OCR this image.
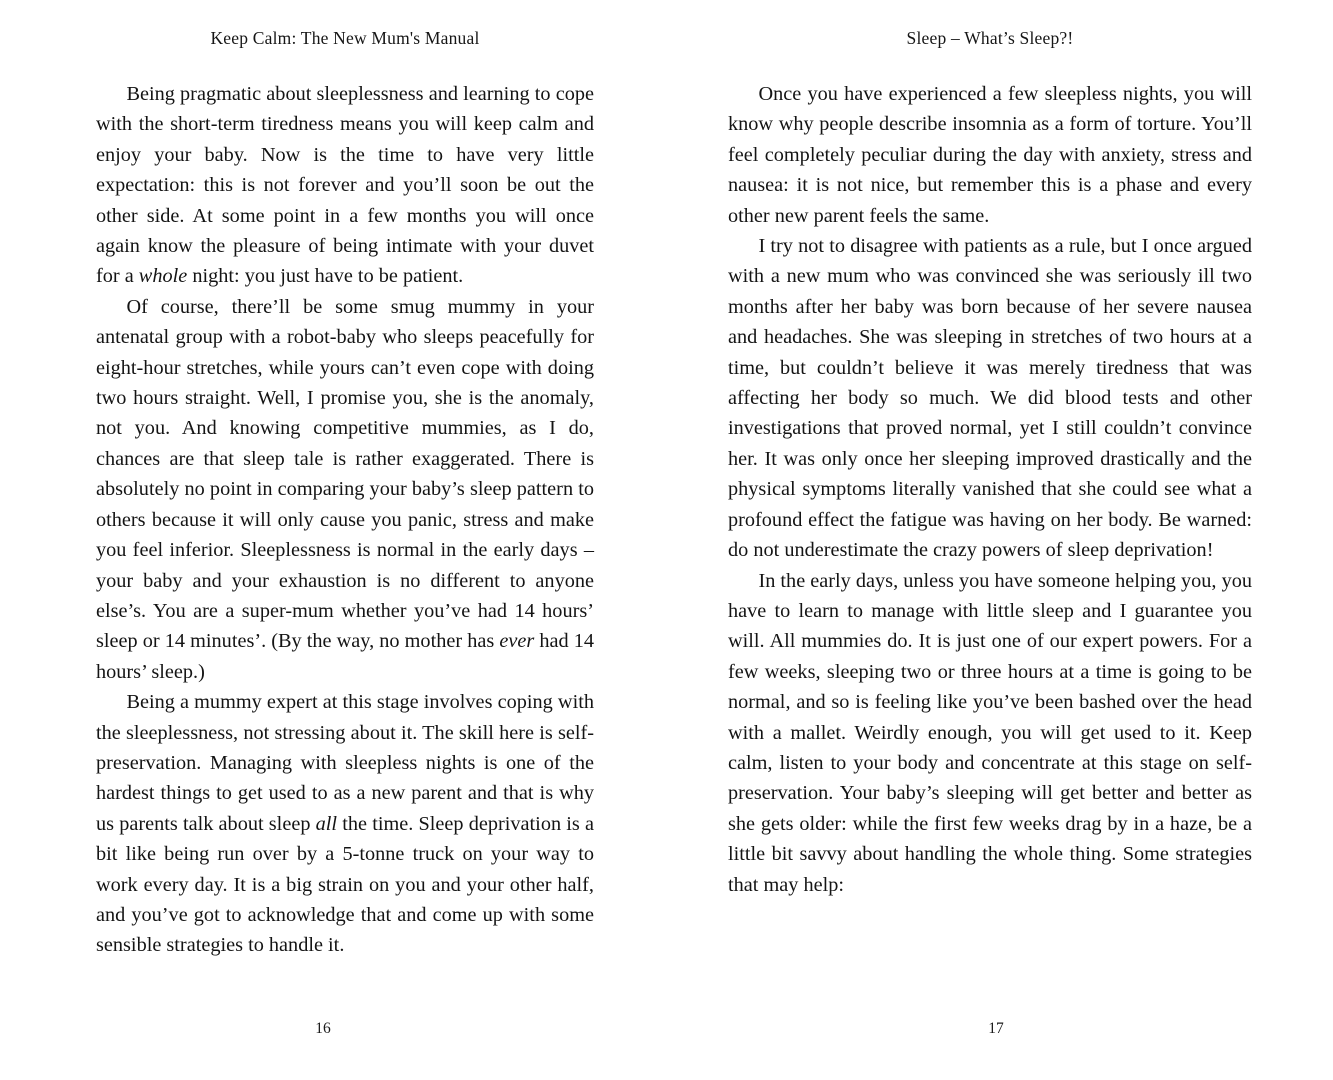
Keep Calm: The New Mum's Manual

Being pragmatic about sleeplessness and learning to cope with the short-term tiredness means you will keep calm and enjoy your baby. Now is the time to have very little expectation: this is not forever and you’ll soon be out the other side. At some point in a few months you will once again know the pleasure of being intimate with your duvet for a whole night: you just have to be patient.

Of course, there’ll be some smug mummy in your antenatal group with a robot-baby who sleeps peacefully for eight-hour stretches, while yours can’t even cope with doing two hours straight. Well, I promise you, she is the anomaly, not you. And knowing competitive mummies, as I do, chances are that sleep tale is rather exaggerated. There is absolutely no point in comparing your baby’s sleep pattern to others because it will only cause you panic, stress and make you feel inferior. Sleeplessness is normal in the early days – your baby and your exhaustion is no different to anyone else’s. You are a super-mum whether you’ve had 14 hours’ sleep or 14 minutes’. (By the way, no mother has ever had 14 hours’ sleep.)

Being a mummy expert at this stage involves coping with the sleeplessness, not stressing about it. The skill here is self-preservation. Managing with sleepless nights is one of the hardest things to get used to as a new parent and that is why us parents talk about sleep all the time. Sleep deprivation is a bit like being run over by a 5-tonne truck on your way to work every day. It is a big strain on you and your other half, and you’ve got to acknowledge that and come up with some sensible strategies to handle it.

16
Sleep – What’s Sleep?!

Once you have experienced a few sleepless nights, you will know why people describe insomnia as a form of torture. You’ll feel completely peculiar during the day with anxiety, stress and nausea: it is not nice, but remember this is a phase and every other new parent feels the same.

I try not to disagree with patients as a rule, but I once argued with a new mum who was convinced she was seriously ill two months after her baby was born because of her severe nausea and headaches. She was sleeping in stretches of two hours at a time, but couldn’t believe it was merely tiredness that was affecting her body so much. We did blood tests and other investigations that proved normal, yet I still couldn’t convince her. It was only once her sleeping improved drastically and the physical symptoms literally vanished that she could see what a profound effect the fatigue was having on her body. Be warned: do not underestimate the crazy powers of sleep deprivation!

In the early days, unless you have someone helping you, you have to learn to manage with little sleep and I guarantee you will. All mummies do. It is just one of our expert powers. For a few weeks, sleeping two or three hours at a time is going to be normal, and so is feeling like you’ve been bashed over the head with a mallet. Weirdly enough, you will get used to it. Keep calm, listen to your body and concentrate at this stage on self-preservation. Your baby’s sleeping will get better and better as she gets older: while the first few weeks drag by in a haze, be a little bit savvy about handling the whole thing. Some strategies that may help:

17
